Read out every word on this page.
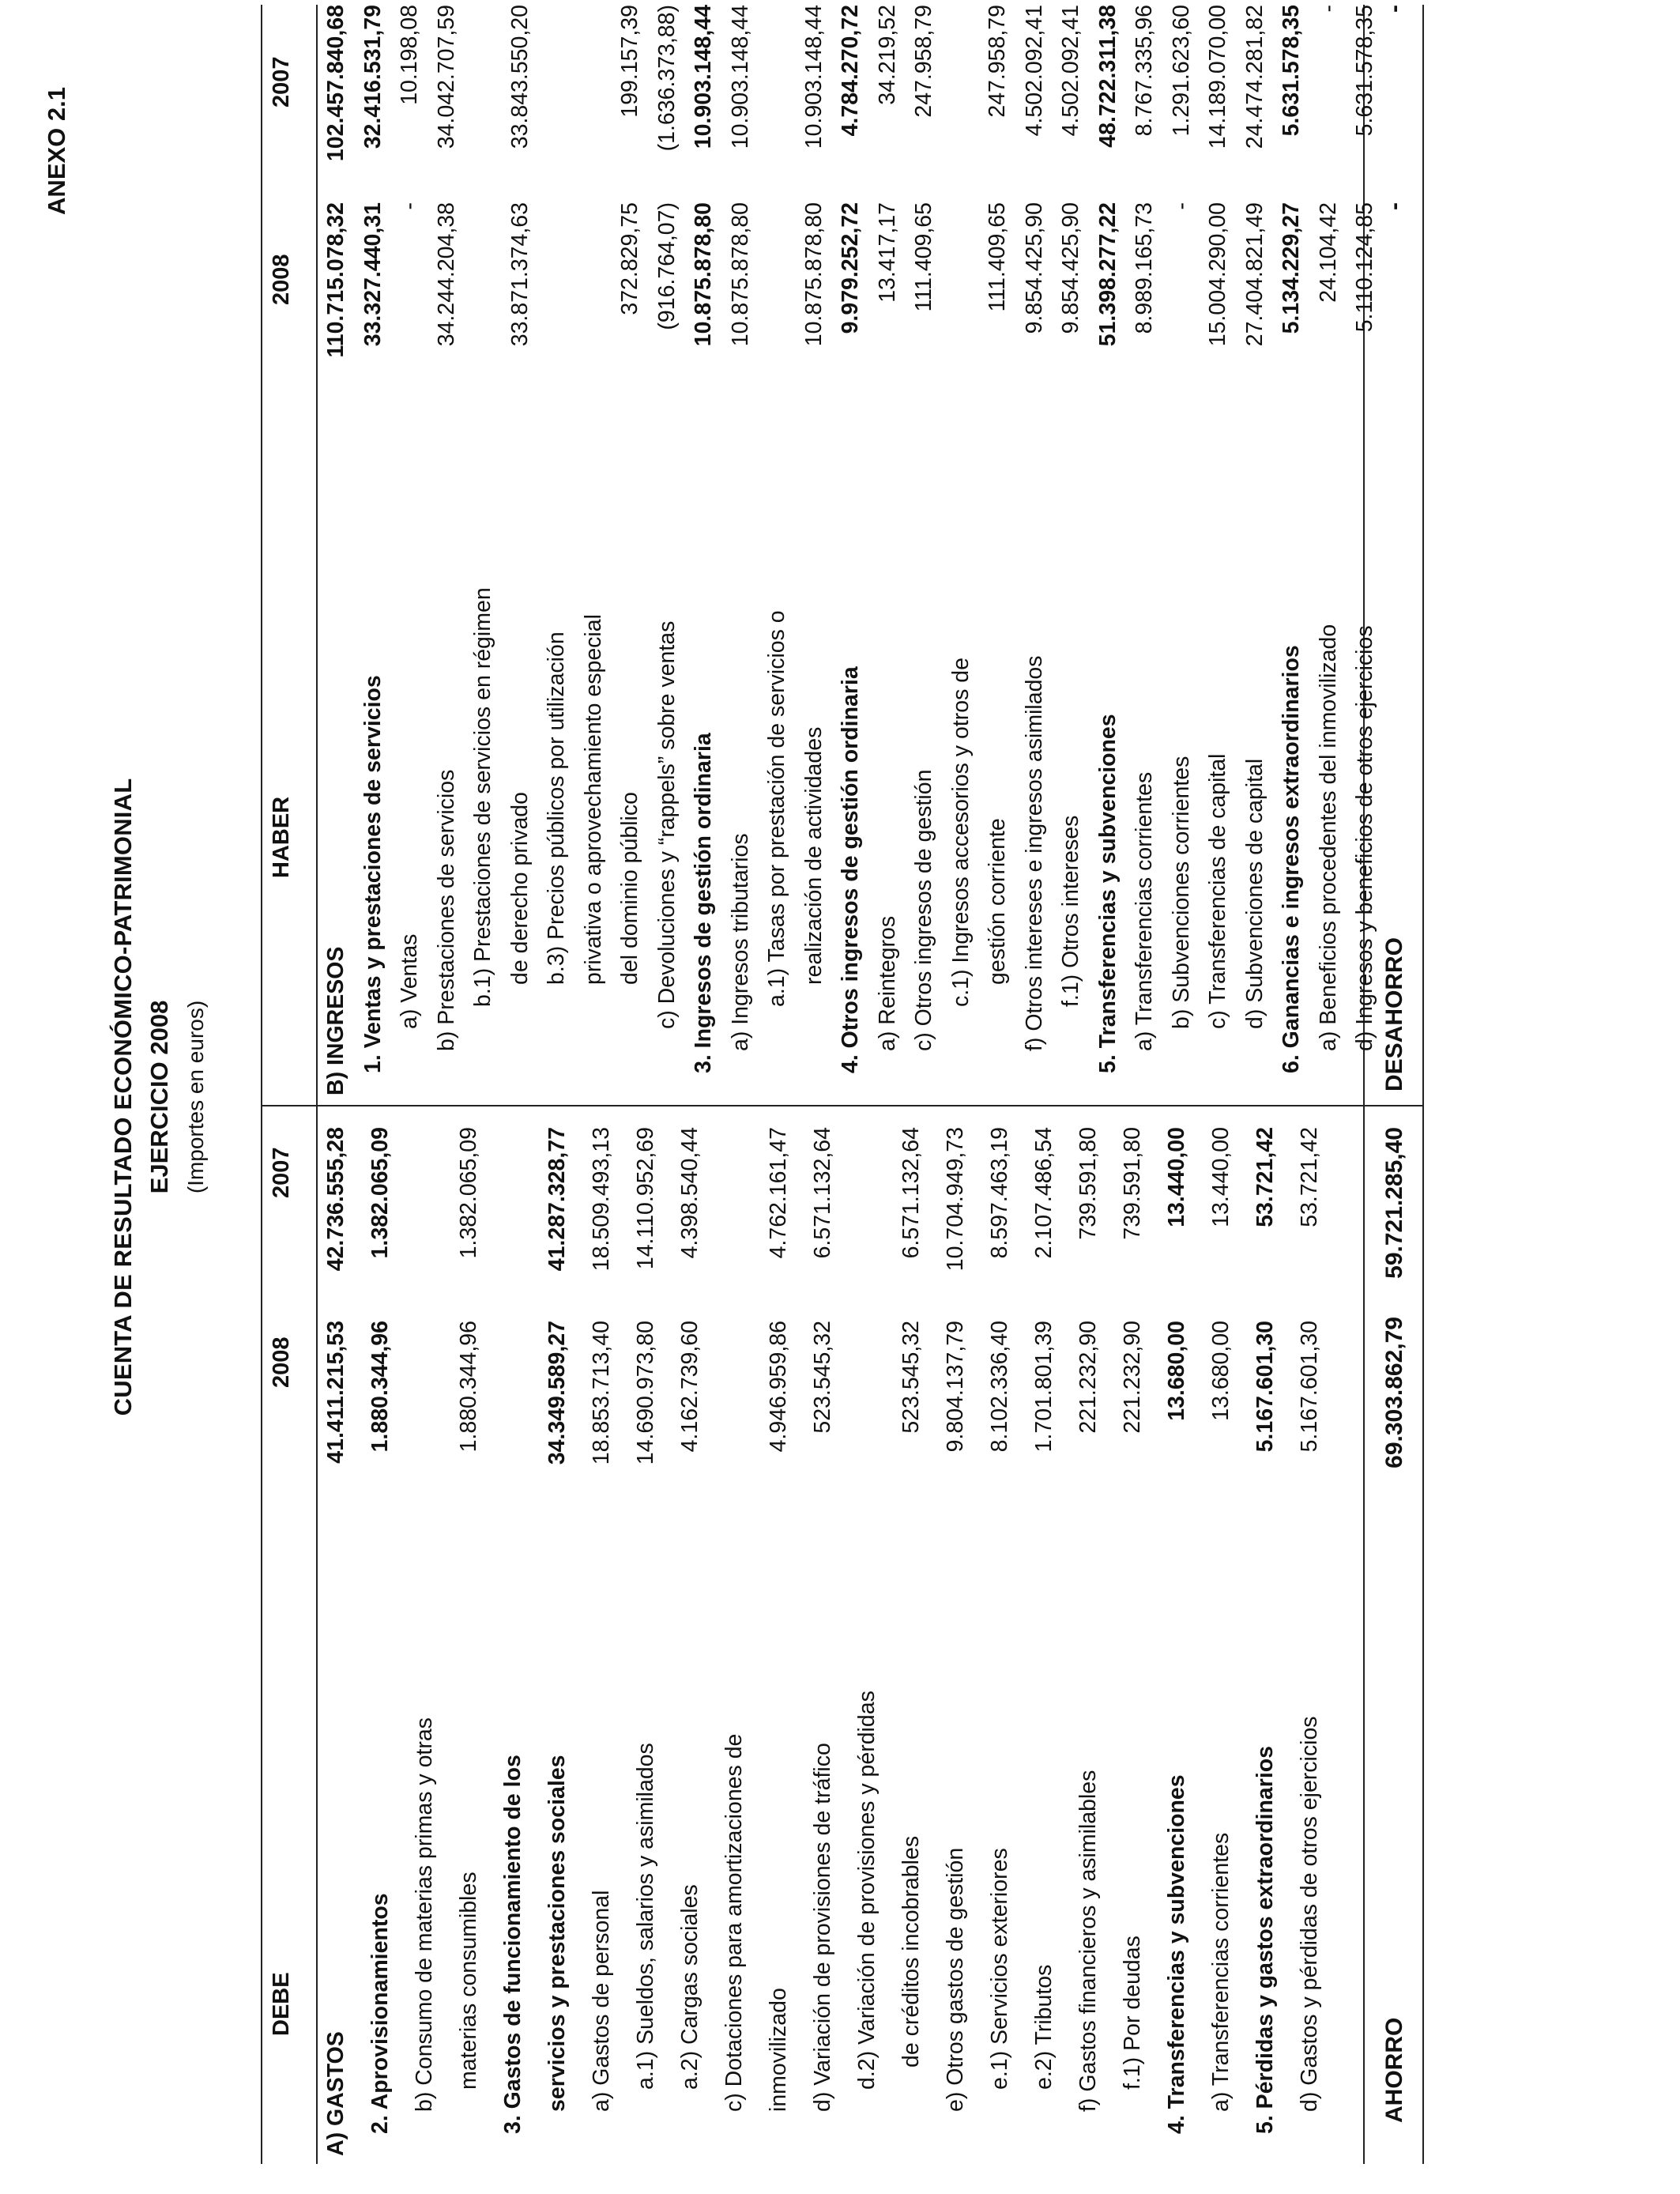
ANEXO 2.1
CUENTA DE RESULTADO ECONÓMICO-PATRIMONIAL EJERCICIO 2008 (Importes en euros)
DEBE
2008
2007
HABER
2008
2007
A) GASTOS
41.411.215,53
42.736.555,28
2. Aprovisionamientos
1.880.344,96
1.382.065,09
b) Consumo de materias primas y otras materias consumibles
1.880.344,96
1.382.065,09
3. Gastos de funcionamiento de los servicios y prestaciones sociales
34.349.589,27
41.287.328,77
a) Gastos de personal
18.853.713,40
18.509.493,13
a.1) Sueldos, salarios y asimilados
14.690.973,80
14.110.952,69
a.2) Cargas sociales
4.162.739,60
4.398.540,44
c) Dotaciones para amortizaciones de inmovilizado
4.946.959,86
4.762.161,47
d) Variación de provisiones de tráfico
523.545,32
6.571.132,64
d.2) Variación de provisiones y pérdidas de créditos incobrables
523.545,32
6.571.132,64
e) Otros gastos de gestión
9.804.137,79
10.704.949,73
e.1) Servicios exteriores
8.102.336,40
8.597.463,19
e.2) Tributos
1.701.801,39
2.107.486,54
f) Gastos financieros y asimilables
221.232,90
739.591,80
f.1) Por deudas
221.232,90
739.591,80
4. Transferencias y subvenciones
13.680,00
13.440,00
a) Transferencias corrientes
13.680,00
13.440,00
5. Pérdidas y gastos extraordinarios
5.167.601,30
53.721,42
d) Gastos y pérdidas de otros ejercicios
5.167.601,30
53.721,42
B) INGRESOS
110.715.078,32
102.457.840,68
1. Ventas y prestaciones de servicios
33.327.440,31
32.416.531,79
a) Ventas
-
10.198,08
b) Prestaciones de servicios
34.244.204,38
34.042.707,59
b.1) Prestaciones de servicios en régimen de derecho privado
33.871.374,63
33.843.550,20
b.3) Precios públicos por utilización privativa o aprovechamiento especial del dominio público
372.829,75
199.157,39
c) Devoluciones y “rappels” sobre ventas
(916.764,07)
(1.636.373,88)
3. Ingresos de gestión ordinaria
10.875.878,80
10.903.148,44
a) Ingresos tributarios
10.875.878,80
10.903.148,44
a.1) Tasas por prestación de servicios o realización de actividades
10.875.878,80
10.903.148,44
4. Otros ingresos de gestión ordinaria
9.979.252,72
4.784.270,72
a) Reintegros
13.417,17
34.219,52
c) Otros ingresos de gestión
111.409,65
247.958,79
c.1) Ingresos accesorios y otros de gestión corriente
111.409,65
247.958,79
f) Otros intereses e ingresos asimilados
9.854.425,90
4.502.092,41
f.1) Otros intereses
9.854.425,90
4.502.092,41
5. Transferencias y subvenciones
51.398.277,22
48.722.311,38
a) Transferencias corrientes
8.989.165,73
8.767.335,96
b) Subvenciones corrientes
-
1.291.623,60
c) Transferencias de capital
15.004.290,00
14.189.070,00
d) Subvenciones de capital
27.404.821,49
24.474.281,82
6. Ganancias e ingresos extraordinarios
5.134.229,27
5.631.578,35
a) Beneficios procedentes del inmovilizado
24.104,42
-
d) Ingresos y beneficios de otros ejercicios
5.110.124,85
5.631.578,35
AHORRO
69.303.862,79
59.721.285,40
DESAHORRO
-
-
